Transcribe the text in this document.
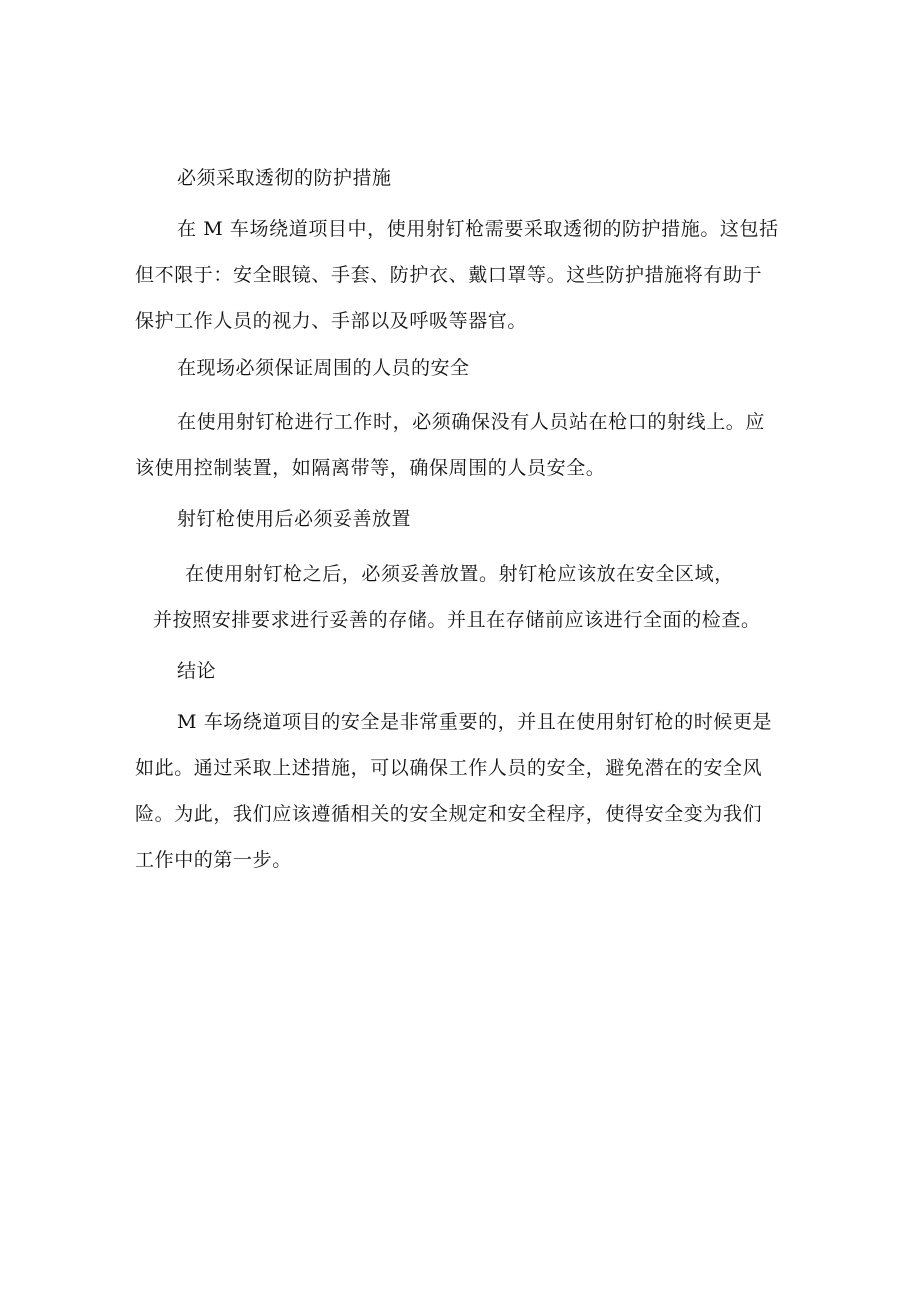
必须采取透彻的防护措施
在 M 车场绕道项目中，使用射钉枪需要采取透彻的防护措施。这包括
但不限于：安全眼镜、手套、防护衣、戴口罩等。这些防护措施将有助于
保护工作人员的视力、手部以及呼吸等器官。
在现场必须保证周围的人员的安全
在使用射钉枪进行工作时，必须确保没有人员站在枪口的射线上。应
该使用控制装置，如隔离带等，确保周围的人员安全。
射钉枪使用后必须妥善放置
在使用射钉枪之后，必须妥善放置。射钉枪应该放在安全区域，
并按照安排要求进行妥善的存储。并且在存储前应该进行全面的检查。
结论
M 车场绕道项目的安全是非常重要的，并且在使用射钉枪的时候更是
如此。通过采取上述措施，可以确保工作人员的安全，避免潜在的安全风
险。为此，我们应该遵循相关的安全规定和安全程序，使得安全变为我们
工作中的第一步。
